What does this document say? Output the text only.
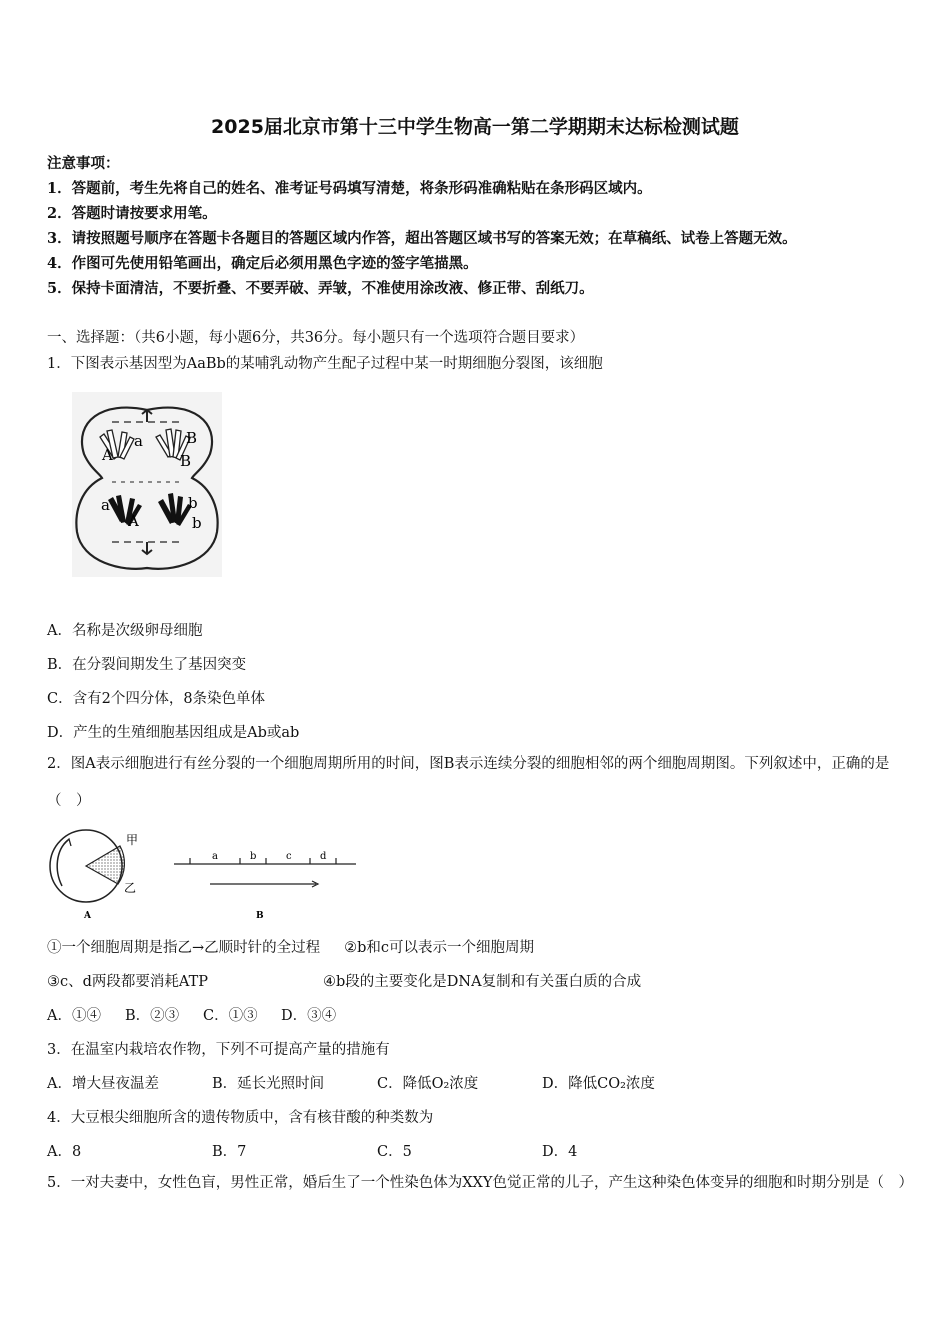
2025届北京市第十三中学生物高一第二学期期末达标检测试题
注意事项：
1．答题前，考生先将自己的姓名、准考证号码填写清楚，将条形码准确粘贴在条形码区域内。
2．答题时请按要求用笔。
3．请按照题号顺序在答题卡各题目的答题区域内作答，超出答题区域书写的答案无效；在草稿纸、试卷上答题无效。
4．作图可先使用铅笔画出，确定后必须用黑色字迹的签字笔描黑。
5．保持卡面清洁，不要折叠、不要弄破、弄皱，不准使用涂改液、修正带、刮纸刀。
一、选择题：（共6小题，每小题6分，共36分。每小题只有一个选项符合题目要求）
1．下图表示基因型为AaBb的某哺乳动物产生配子过程中某一时期细胞分裂图，该细胞
a
A
B
B
a
A
b
b
A．名称是次级卵母细胞
B．在分裂间期发生了基因突变
C．含有2个四分体，8条染色单体
D．产生的生殖细胞基因组成是Ab或ab
2．图A表示细胞进行有丝分裂的一个细胞周期所用的时间，图B表示连续分裂的细胞相邻的两个细胞周期图。下列叙述中，正确的是（　）
甲
乙
A
a	b	c	d
B
①一个细胞周期是指乙→乙顺时针的全过程 ②b和c可以表示一个细胞周期
③c、d两段都要消耗ATP	④b段的主要变化是DNA复制和有关蛋白质的合成
A．①④ B．②③ C．①③ D．③④
3．在温室内栽培农作物，下列不可提高产量的措施有
A．增大昼夜温差	B．延长光照时间	C．降低O₂浓度	D．降低CO₂浓度
4．大豆根尖细胞所含的遗传物质中，含有核苷酸的种类数为
A．8	B．7	C．5	D．4
5．一对夫妻中，女性色盲，男性正常，婚后生了一个性染色体为XXY色觉正常的儿子，产生这种染色体变异的细胞和时期分别是（　）
